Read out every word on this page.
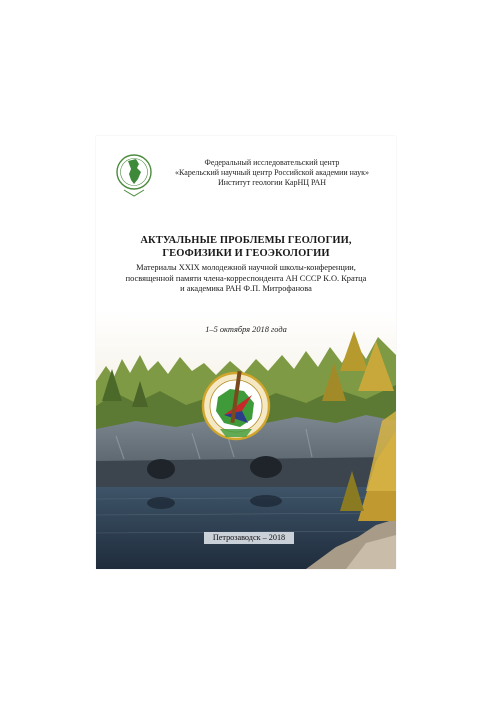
Федеральный исследовательский центр
«Карельский научный центр Российской академии наук»
Институт геологии КарНЦ РАН
АКТУАЛЬНЫЕ ПРОБЛЕМЫ ГЕОЛОГИИ,
ГЕОФИЗИКИ И ГЕОЭКОЛОГИИ
Материалы XXIX молодежной научной школы-конференции,
посвященной памяти члена-корреспондента АН СССР К.О. Кратца
и академика РАН Ф.П. Митрофанова
1–5 октября 2018 года
Петрозаводск – 2018
